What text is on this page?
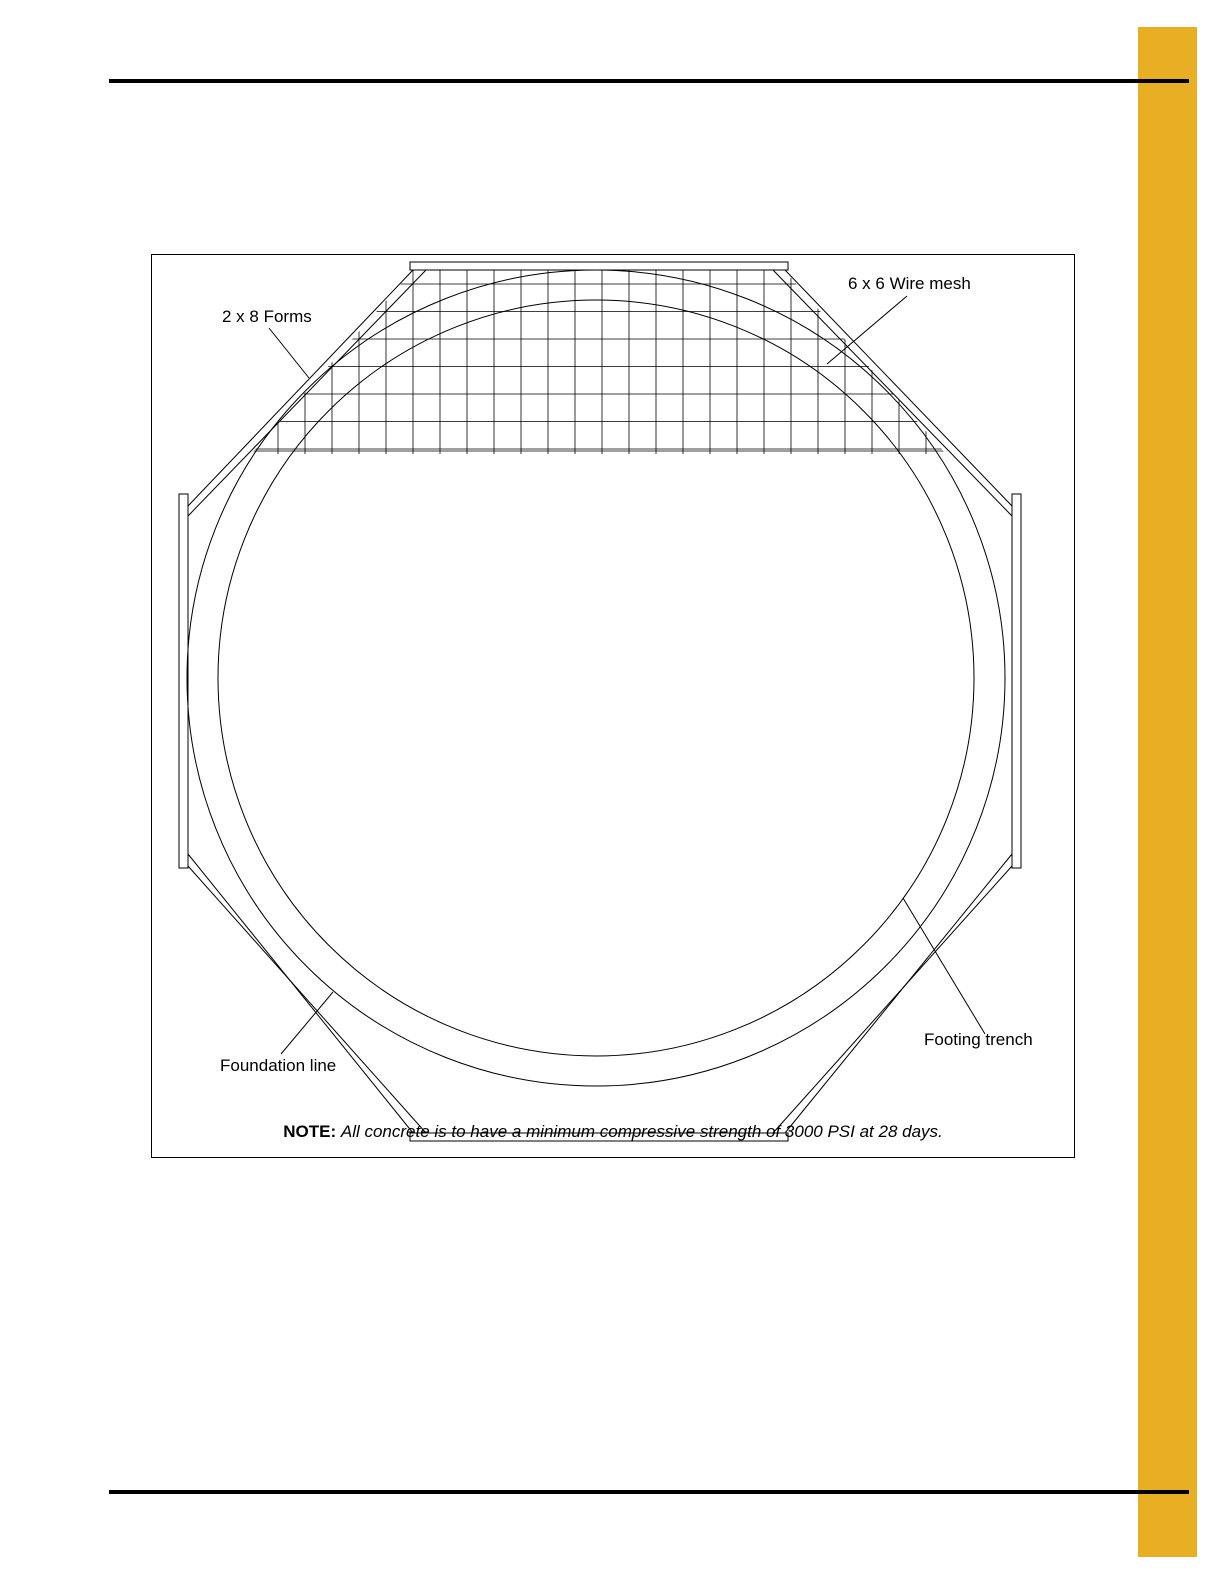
2 x 8 Forms
6 x 6 Wire mesh
Foundation line
Footing trench
NOTE: All concrete is to have a minimum compressive strength of 3000 PSI at 28 days.
